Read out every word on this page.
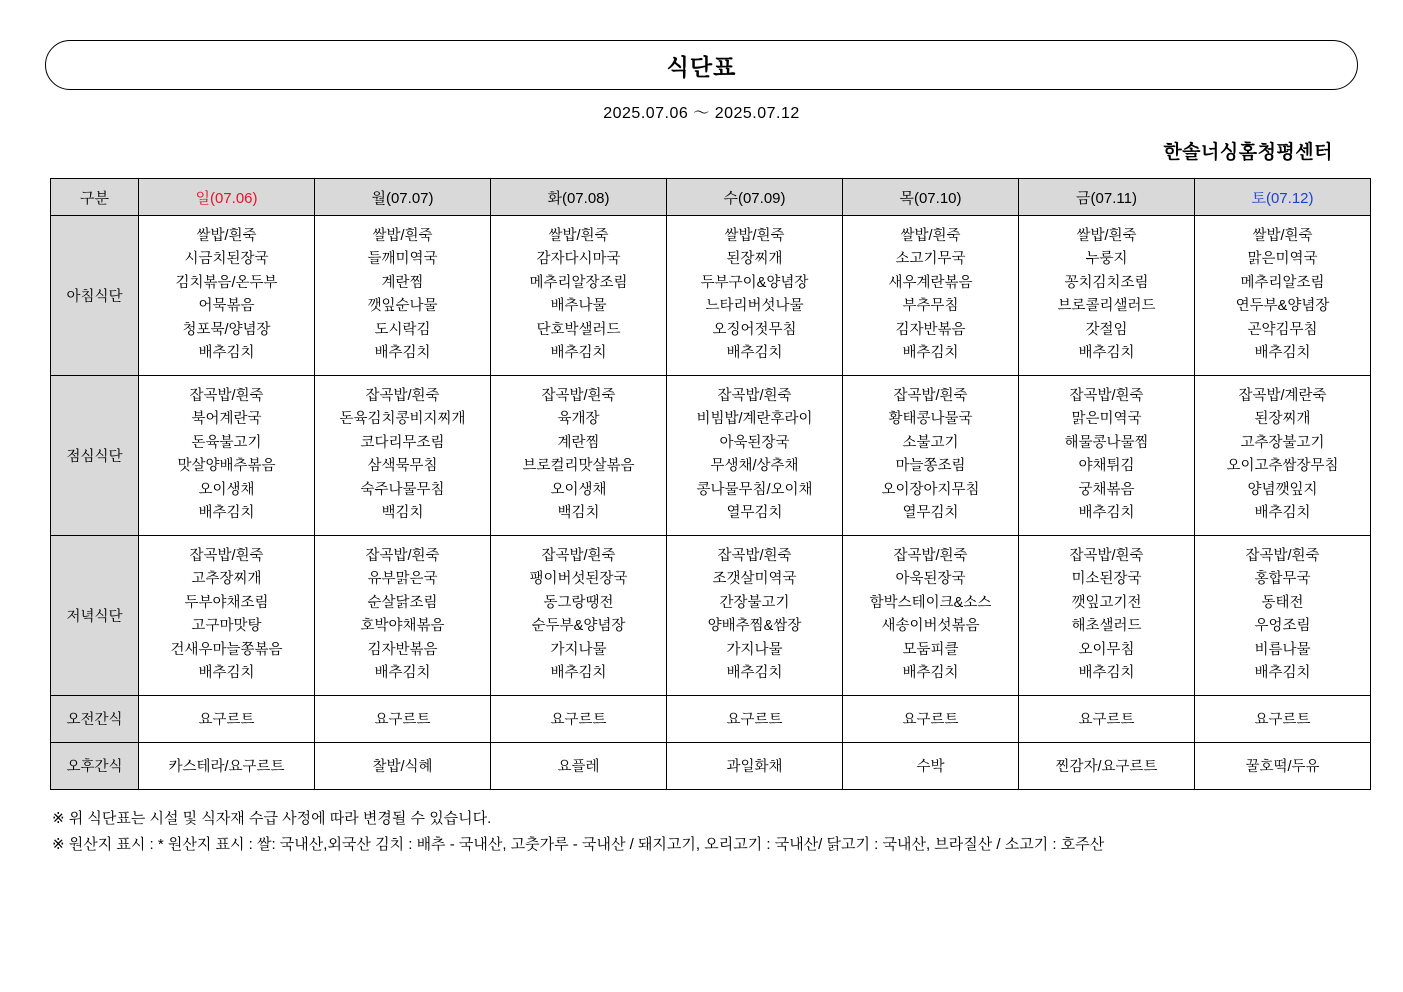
식단표
2025.07.06 ～ 2025.07.12
한솔너싱홈청평센터
구분	일(07.06)	월(07.07)	화(07.08)	수(07.09)	목(07.10)	금(07.11)	토(07.12)
아침식단	
쌀밥/흰죽
시금치된장국
김치볶음/온두부
어묵볶음
청포묵/양념장
배추김치

쌀밥/흰죽
들깨미역국
계란찜
깻잎순나물
도시락김
배추김치

쌀밥/흰죽
감자다시마국
메추리알장조림
배추나물
단호박샐러드
배추김치

쌀밥/흰죽
된장찌개
두부구이&양념장
느타리버섯나물
오징어젓무침
배추김치

쌀밥/흰죽
소고기무국
새우계란볶음
부추무침
김자반볶음
배추김치

쌀밥/흰죽
누룽지
꽁치김치조림
브로콜리샐러드
갓절임
배추김치

쌀밥/흰죽
맑은미역국
메추리알조림
연두부&양념장
곤약김무침
배추김치

점심식단	
잡곡밥/흰죽
북어계란국
돈육불고기
맛살양배추볶음
오이생채
배추김치

잡곡밥/흰죽
돈육김치콩비지찌개
코다리무조림
삼색묵무침
숙주나물무침
백김치

잡곡밥/흰죽
육개장
계란찜
브로컬리맛살볶음
오이생채
백김치

잡곡밥/흰죽
비빔밥/계란후라이
아욱된장국
무생채/상추채
콩나물무침/오이채
열무김치

잡곡밥/흰죽
황태콩나물국
소불고기
마늘쫑조림
오이장아지무침
열무김치

잡곡밥/흰죽
맑은미역국
해물콩나물찜
야채튀김
궁채볶음
배추김치

잡곡밥/계란죽
된장찌개
고추장불고기
오이고추쌈장무침
양념깻잎지
배추김치

저녁식단	
잡곡밥/흰죽
고추장찌개
두부야채조림
고구마맛탕
건새우마늘쫑볶음
배추김치

잡곡밥/흰죽
유부맑은국
순살닭조림
호박야채볶음
김자반볶음
배추김치

잡곡밥/흰죽
팽이버섯된장국
동그랑땡전
순두부&양념장
가지나물
배추김치

잡곡밥/흰죽
조갯살미역국
간장불고기
양배추찜&쌈장
가지나물
배추김치

잡곡밥/흰죽
아욱된장국
함박스테이크&소스
새송이버섯볶음
모둠피클
배추김치

잡곡밥/흰죽
미소된장국
깻잎고기전
해초샐러드
오이무침
배추김치

잡곡밥/흰죽
홍합무국
동태전
우엉조림
비름나물
배추김치

오전간식	요구르트	요구르트	요구르트	요구르트	요구르트	요구르트	요구르트
오후간식	카스테라/요구르트	찰밥/식혜	요플레	과일화채	수박	찐감자/요구르트	꿀호떡/두유
※ 위 식단표는 시설 및 식자재 수급 사정에 따라 변경될 수 있습니다.
※ 원산지 표시 : * 원산지 표시 : 쌀: 국내산,외국산 김치 : 배추 - 국내산, 고춧가루 - 국내산 / 돼지고기, 오리고기 : 국내산/ 닭고기 : 국내산, 브라질산 / 소고기 : 호주산
